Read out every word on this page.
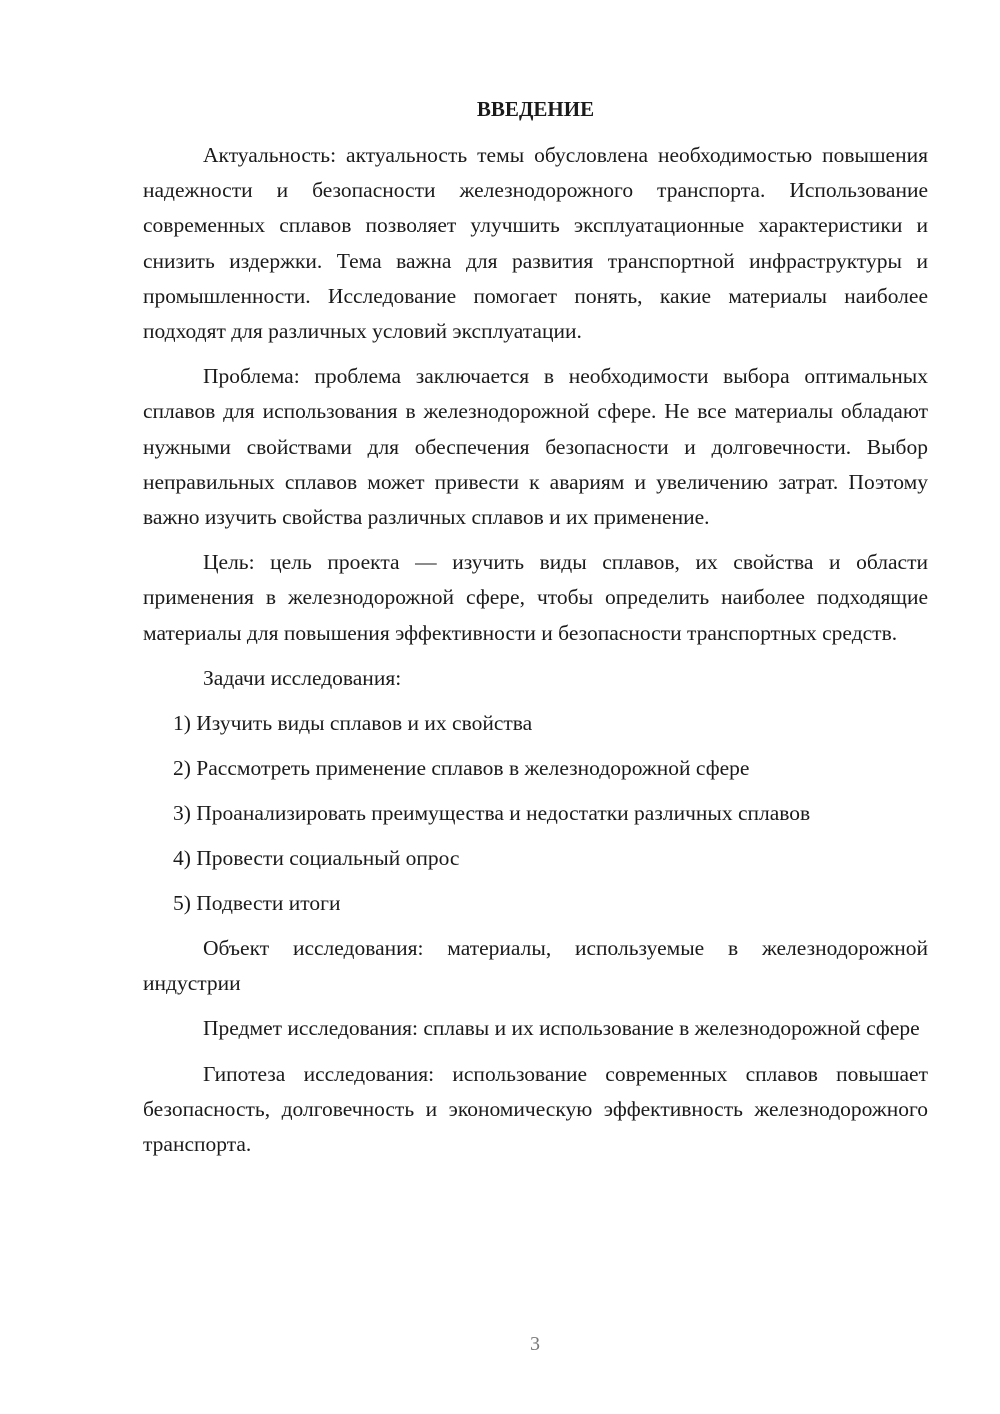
ВВЕДЕНИЕ

Актуальность: актуальность темы обусловлена необходимостью повышения надежности и безопасности железнодорожного транспорта. Использование современных сплавов позволяет улучшить эксплуатационные характеристики и снизить издержки. Тема важна для развития транспортной инфраструктуры и промышленности. Исследование помогает понять, какие материалы наиболее подходят для различных условий эксплуатации.

Проблема: проблема заключается в необходимости выбора оптимальных сплавов для использования в железнодорожной сфере. Не все материалы обладают нужными свойствами для обеспечения безопасности и долговечности. Выбор неправильных сплавов может привести к авариям и увеличению затрат. Поэтому важно изучить свойства различных сплавов и их применение.

Цель: цель проекта — изучить виды сплавов, их свойства и области применения в железнодорожной сфере, чтобы определить наиболее подходящие материалы для повышения эффективности и безопасности транспортных средств.

Задачи исследования:

1) Изучить виды сплавов и их свойства
2) Рассмотреть применение сплавов в железнодорожной сфере
3) Проанализировать преимущества и недостатки различных сплавов
4) Провести социальный опрос
5) Подвести итоги

Объект исследования: материалы, используемые в железнодорожной индустрии

Предмет исследования: сплавы и их использование в железнодорожной сфере

Гипотеза исследования: использование современных сплавов повышает безопасность, долговечность и экономическую эффективность железнодорожного транспорта.

3
